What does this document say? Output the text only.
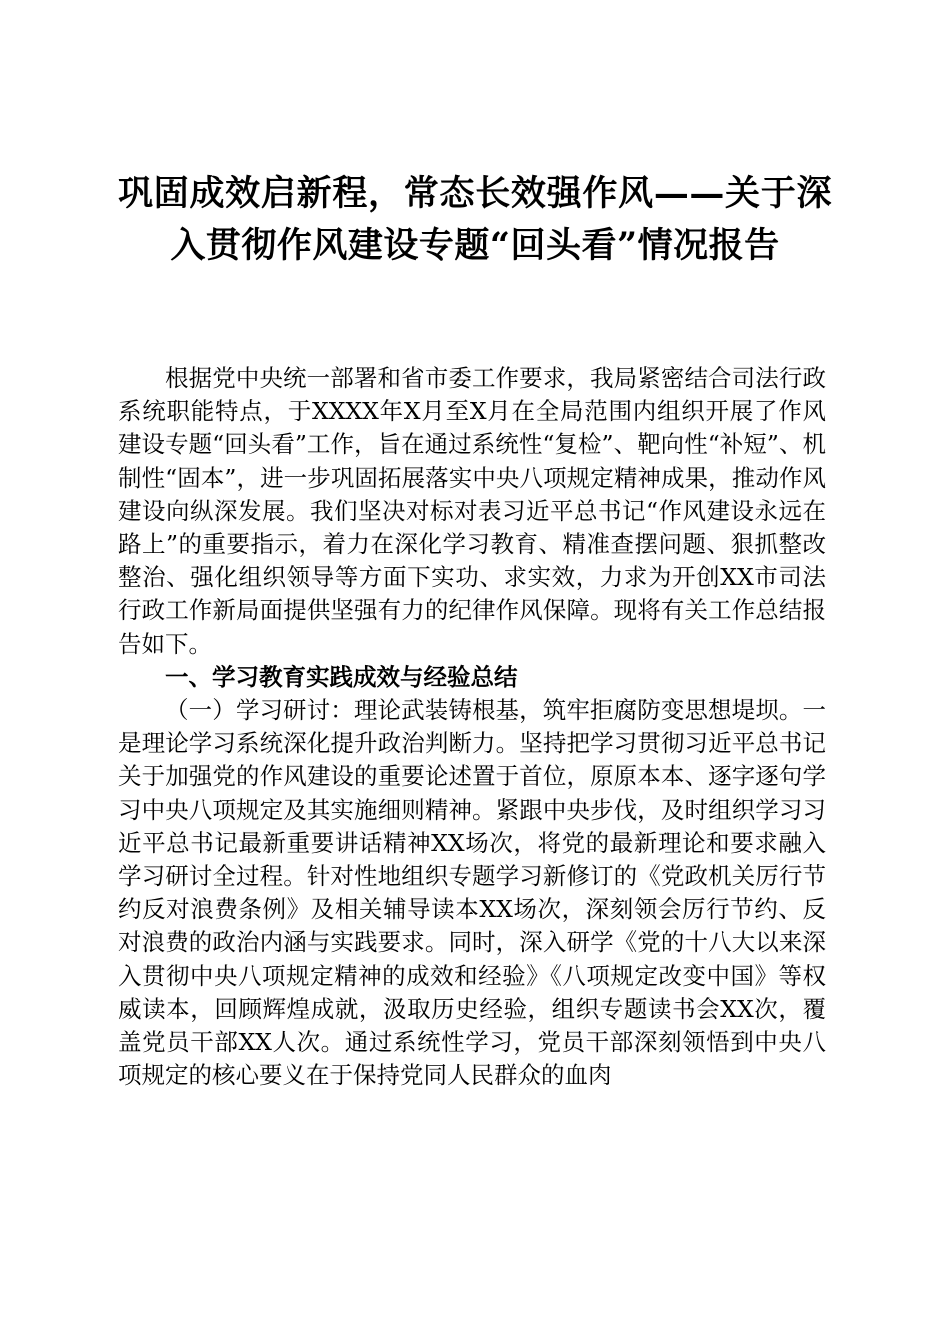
巩固成效启新程，常态长效强作风——关于深
入贯彻作风建设专题“回头看”情况报告

根据党中央统一部署和省市委工作要求，我局紧密结合司法行政系统职能特点，于XXXX年X月至X月在全局范围内组织开展了作风建设专题“回头看”工作，旨在通过系统性“复检”、靶向性“补短”、机制性“固本”，进一步巩固拓展落实中央八项规定精神成果，推动作风建设向纵深发展。我们坚决对标对表习近平总书记“作风建设永远在路上”的重要指示，着力在深化学习教育、精准查摆问题、狠抓整改整治、强化组织领导等方面下实功、求实效，力求为开创XX市司法行政工作新局面提供坚强有力的纪律作风保障。现将有关工作总结报告如下。

一、学习教育实践成效与经验总结

（一）学习研讨：理论武装铸根基，筑牢拒腐防变思想堤坝。一是理论学习系统深化提升政治判断力。坚持把学习贯彻习近平总书记关于加强党的作风建设的重要论述置于首位，原原本本、逐字逐句学习中央八项规定及其实施细则精神。紧跟中央步伐，及时组织学习习近平总书记最新重要讲话精神XX场次，将党的最新理论和要求融入学习研讨全过程。针对性地组织专题学习新修订的《党政机关厉行节约反对浪费条例》及相关辅导读本XX场次，深刻领会厉行节约、反对浪费的政治内涵与实践要求。同时，深入研学《党的十八大以来深入贯彻中央八项规定精神的成效和经验》《八项规定改变中国》等权威读本，回顾辉煌成就，汲取历史经验，组织专题读书会XX次，覆盖党员干部XX人次。通过系统性学习，党员干部深刻领悟到中央八项规定的核心要义在于保持党同人民群众的血肉
